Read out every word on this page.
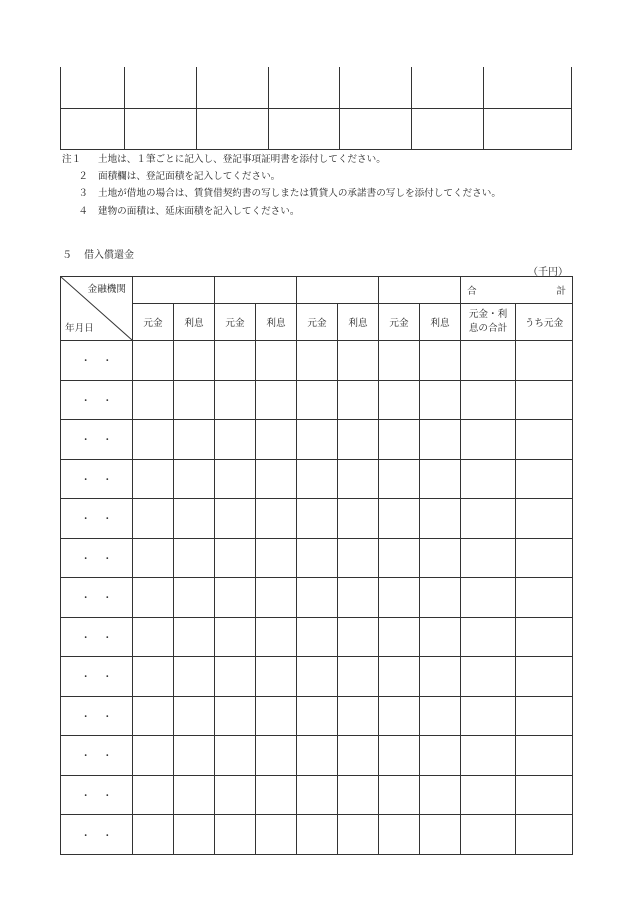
注１	土地は、１筆ごとに記入し、登記事項証明書を添付してください。
２	面積欄は、登記面積を記入してください。
３	土地が借地の場合は、賃貸借契約書の写しまたは賃貸人の承諾書の写しを添付してください。
４	建物の面積は、延床面積を記入してください。
５ 借入償還金
（千円）
金融機関
年月日									合 計	

	元金	利息	元金	利息	元金	利息	元金	利息	元金・利
息の合計	うち元金
・・										
・・										
・・										
・・										
・・										
・・										
・・										
・・										
・・										
・・										
・・										
・・										
・・										
